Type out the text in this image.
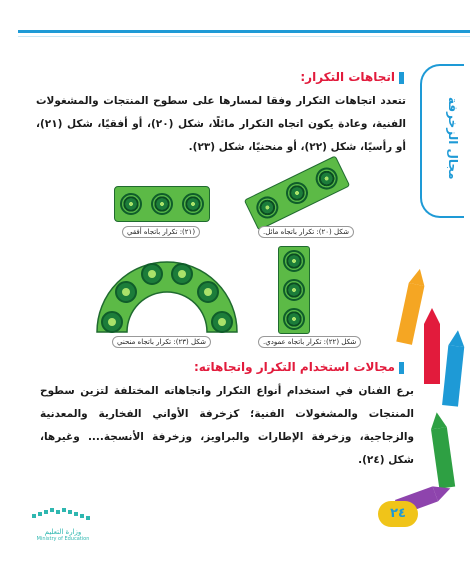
مجال الزخرفة
اتجاهات التكرار:
تتعدد اتجاهات التكرار وفقا لمسارها على سطوح المنتجات والمشغولات الفنية، وعادة يكون اتجاه التكرار مائلًا، شكل (٢٠)، أو أفقيًا، شكل (٢١)، أو رأسيًا، شكل (٢٢)، أو منحنيًا، شكل (٢٣).
(٢١): تكرار باتجاه أفقي	شكل (٢٠): تكرار باتجاه مائل.
شكل (٢٣): تكرار باتجاه منحني	شكل (٢٢): تكرار باتجاه عمودي.
مجالات استخدام التكرار واتجاهاته:
برع الفنان في استخدام أنواع التكرار واتجاهاته المختلفة لتزين سطوح المنتجات والمشغولات الفنية؛ كزخرفة الأواني الفخارية والمعدنية والزجاجية، وزخرفة الإطارات والبراويز، وزخرفة الأنسجة.... وغيرها، شكل (٢٤).
٢٤
وزارة التعليم
Ministry of Education
